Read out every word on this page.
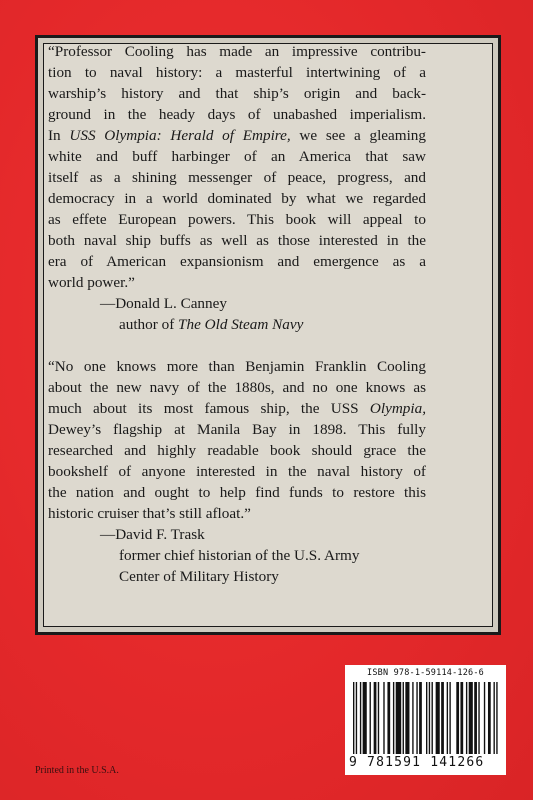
“Professor Cooling has made an impressive contribu-
tion to naval history: a masterful intertwining of a
warship’s history and that ship’s origin and back-
ground in the heady days of unabashed imperialism.
In USS Olympia: Herald of Empire, we see a gleaming
white and buff harbinger of an America that saw
itself as a shining messenger of peace, progress, and
democracy in a world dominated by what we regarded
as effete European powers. This book will appeal to
both naval ship buffs as well as those interested in the
era of American expansionism and emergence as a
world power.”
—Donald L. Canney
author of The Old Steam Navy
“No one knows more than Benjamin Franklin Cooling
about the new navy of the 1880s, and no one knows as
much about its most famous ship, the USS Olympia,
Dewey’s flagship at Manila Bay in 1898. This fully
researched and highly readable book should grace the
bookshelf of anyone interested in the naval history of
the nation and ought to help find funds to restore this
historic cruiser that’s still afloat.”
—David F. Trask
former chief historian of the U.S. Army
Center of Military History
ISBN 978-1-59114-126-6
9 781591 141266
Printed in the U.S.A.
